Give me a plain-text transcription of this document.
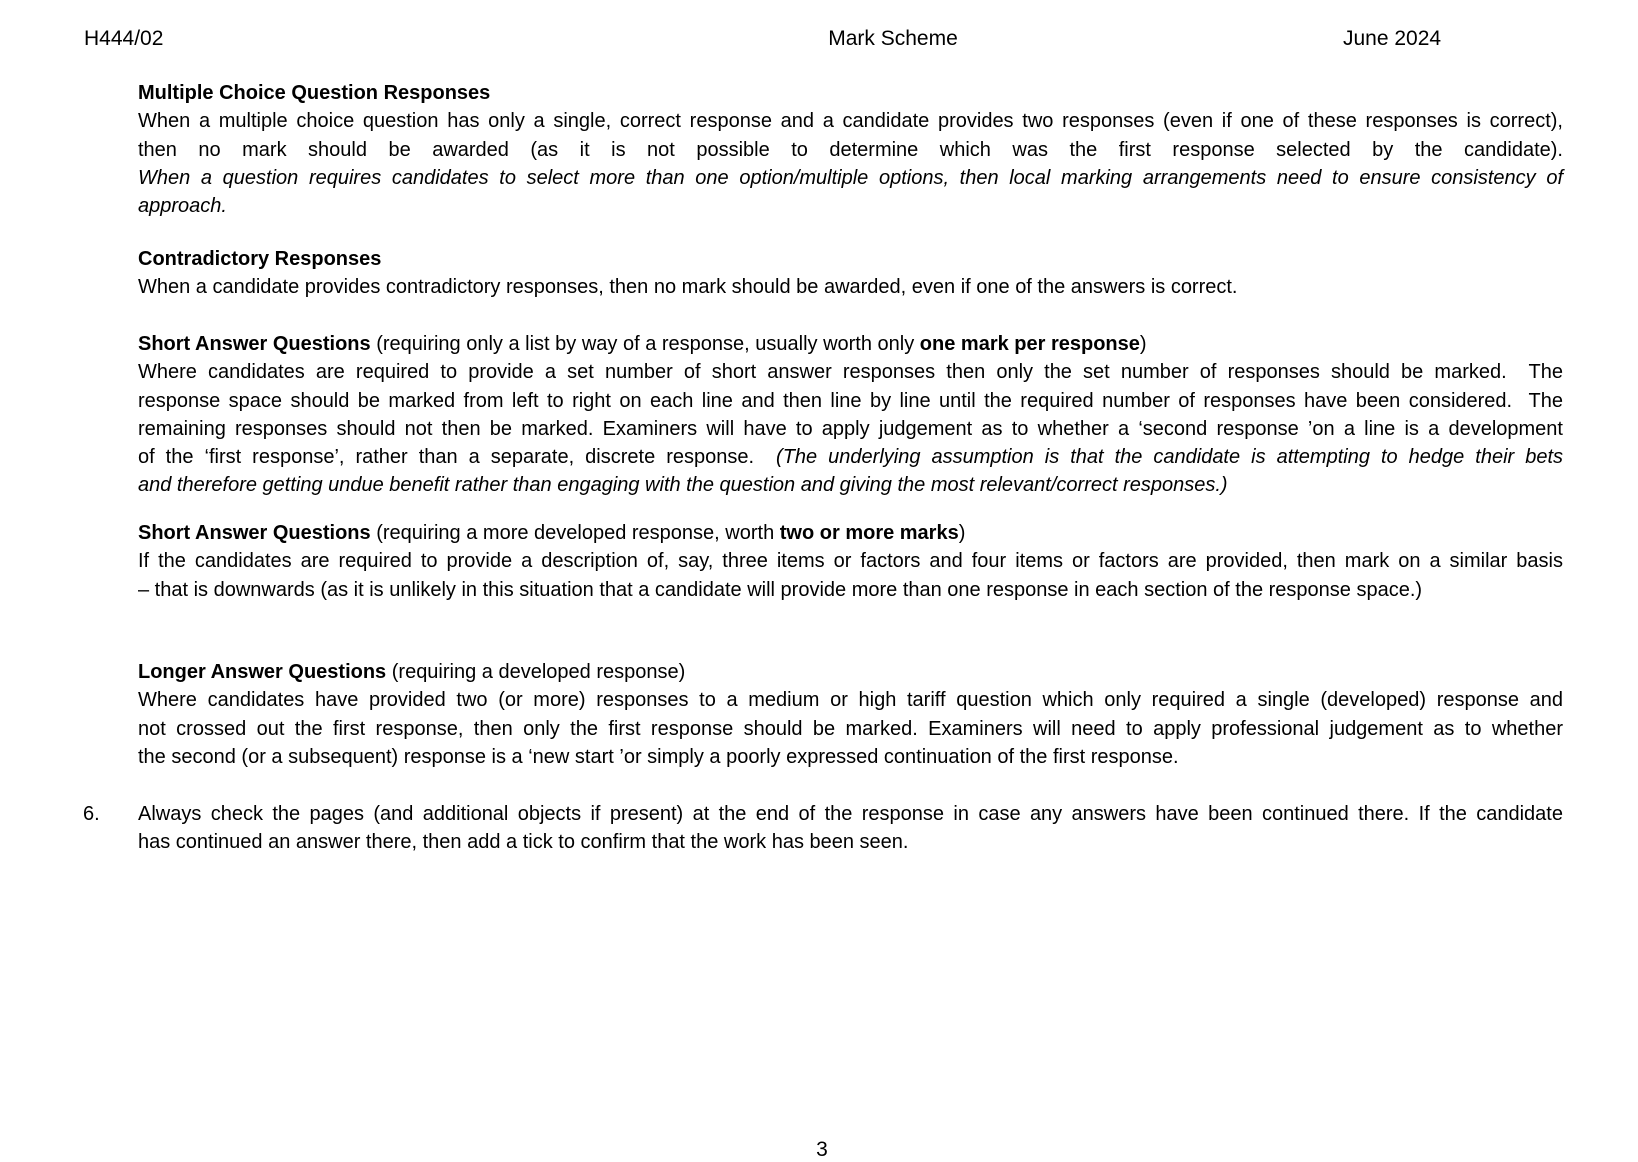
H444/02	Mark Scheme	June 2024
Multiple Choice Question Responses
When a multiple choice question has only a single, correct response and a candidate provides two responses (even if one of these responses is correct),
then no mark should be awarded (as it is not possible to determine which was the first response selected by the candidate).
When a question requires candidates to select more than one option/multiple options, then local marking arrangements need to ensure consistency of
approach.
Contradictory Responses
When a candidate provides contradictory responses, then no mark should be awarded, even if one of the answers is correct.
Short Answer Questions (requiring only a list by way of a response, usually worth only one mark per response)
Where candidates are required to provide a set number of short answer responses then only the set number of responses should be marked.  The
response space should be marked from left to right on each line and then line by line until the required number of responses have been considered.  The
remaining responses should not then be marked. Examiners will have to apply judgement as to whether a ‘second response ’on a line is a development
of the ‘first response’, rather than a separate, discrete response.  (The underlying assumption is that the candidate is attempting to hedge their bets
and therefore getting undue benefit rather than engaging with the question and giving the most relevant/correct responses.)
Short Answer Questions (requiring a more developed response, worth two or more marks)
If the candidates are required to provide a description of, say, three items or factors and four items or factors are provided, then mark on a similar basis
– that is downwards (as it is unlikely in this situation that a candidate will provide more than one response in each section of the response space.)
Longer Answer Questions (requiring a developed response)
Where candidates have provided two (or more) responses to a medium or high tariff question which only required a single (developed) response and
not crossed out the first response, then only the first response should be marked. Examiners will need to apply professional judgement as to whether
the second (or a subsequent) response is a ‘new start ’or simply a poorly expressed continuation of the first response.
6. Always check the pages (and additional objects if present) at the end of the response in case any answers have been continued there. If the candidate
has continued an answer there, then add a tick to confirm that the work has been seen.
3
